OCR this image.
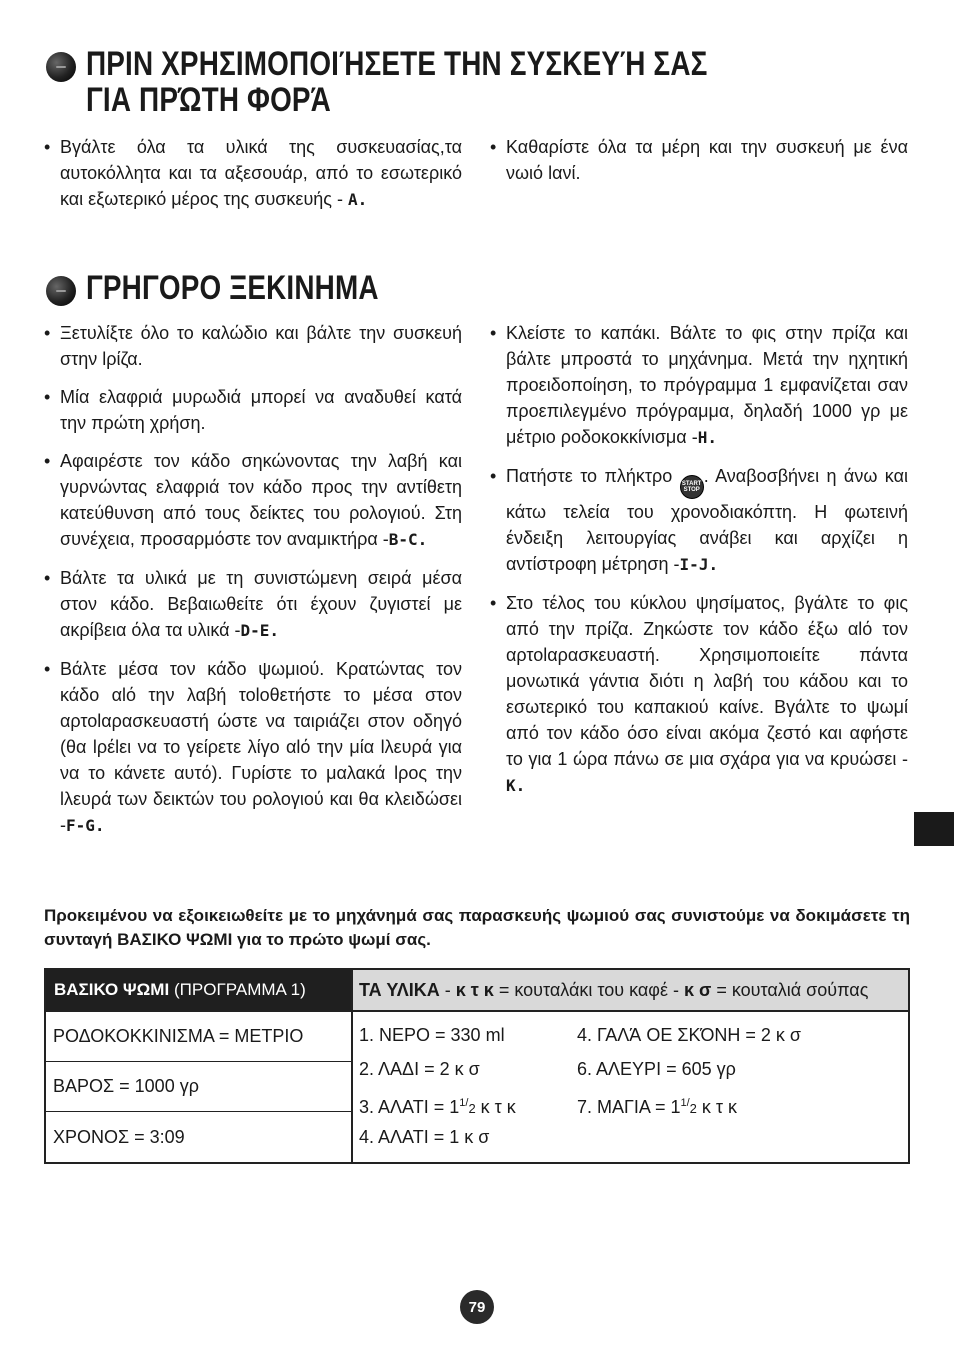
ΠΡΙΝ ΧΡΗΣΙΜΟΠΟΙΉΣΕΤΕ ΤΗΝ ΣΥΣΚΕΥΉ ΣΑΣ
ΓΙΑ ΠΡΏΤΗ ΦΟΡΆ
• Βγάλτε όλα τα υλικά της συσκευασίας,τα αυτοκόλλητα και τα αξεσουάρ, από το εσωτερικό και εξωτερικό μέρος της συσκευής - A.
• Καθαρίστε όλα τα μέρη και την συσκευή με ένα νωιό lανί.
ΓΡΗΓΟΡΟ ΞΕΚΙΝΗΜΑ
• Ξετυλίξτε όλο το καλώδιο και βάλτε την συσκευή στην lρίζα.
• Μία ελαφριά μυρωδιά μπορεί να αναδυθεί κατά την πρώτη χρήση.
• Αφαιρέστε τον κάδο σηκώνοντας την λαβή και γυρνώντας ελαφριά τον κάδο προς την αντίθετη κατεύθυνση από τους δείκτες του ρολογιού. Στη συνέχεια, προσαρμόστε τον αναμικτήρα -B-C.
• Βάλτε τα υλικά με τη συνιστώμενη σειρά μέσα στον κάδο. Βεβαιωθείτε ότι έχουν ζυγιστεί με ακρίβεια όλα τα υλικά -D-E.
• Βάλτε μέσα τον κάδο ψωμιού. Κρατώντας τον κάδο αlό την λαβή τοlοθετήστε το μέσα στον αρτοlαρασκευαστή ώστε να ταιριάζει στον οδηγό (θα lρέlει να το γείρετε λίγο αlό την μία lλευρά για να το κάνετε αυτό). Γυρίστε το μαλακά lρος την lλευρά των δεικτών του ρολογιού και θα κλειδώσει -F-G.
• Κλείστε το καπάκι. Βάλτε το φις στην πρίζα και βάλτε μπροστά το μηχάνημα. Μετά την ηχητική προειδοποίηση, το πρόγραμμα 1 εμφανίζεται σαν προεπιλεγμένο πρόγραμμα, δηλαδή 1000 γρ με μέτριο ροδοκοκκίνισμα -H.
• Πατήστε το πλήκτρο START
STOP
. Αναβοσβήνει η άνω και κάτω τελεία του χρονοδιακόπτη. Η φωτεινή ένδειξη λειτουργίας ανάβει και αρχίζει η αντίστροφη μέτρηση -I-J.
• Στο τέλος του κύκλου ψησίματος, βγάλτε το φις από την πρίζα. Ζηκώστε τον κάδο έξω αlό τον αρτοlαρασκευαστή. Χρησιμοποιείτε πάντα μονωτικά γάντια διότι η λαβή του κάδου και το εσωτερικό του καπακιού καίνε. Βγάλτε το ψωμί από τον κάδο όσο είναι ακόμα ζεστό και αφήστε το για 1 ώρα πάνω σε μια σχάρα για να κρυώσει -K.
Προκειμένου να εξοικειωθείτε με το μηχάνημά σας παρασκευής ψωμιού σας συνιστούμε να δοκιμάσετε τη συνταγή ΒΑΣΙΚΟ ΨΩΜΙ για το πρώτο ψωμί σας.
ΒΑΣΙΚΟ ΨΩΜΙ
(ΠΡΟΓΡΑΜΜΑ 1)
ΡΟΔΟΚΟΚΚΙΝΙΣΜΑ = ΜΕΤΡΙΟ
ΒΑΡΟΣ = 1000 γρ
ΧΡΟΝΟΣ = 3:09
ΤΑ ΥΛΙΚΑ - κ τ κ
= κουταλάκι του καφέ - κ σ
= κουταλιά σούπας
1. ΝΕΡΟ = 330 ml	4. ΓΑΛΆ ΟΕ ΣΚΌΝΗ = 2 κ σ
2. ΛΑΔΙ = 2 κ σ	6. ΑΛΕΥΡΙ = 605 γρ
3. $A\Lambda ATI = 1^{1/}2$ κ τ κ	7. $MA\Gamma IA = 1^{1/}2$ κ τ κ
4. ΑΛΑΤΙ = 1 κ σ
79
